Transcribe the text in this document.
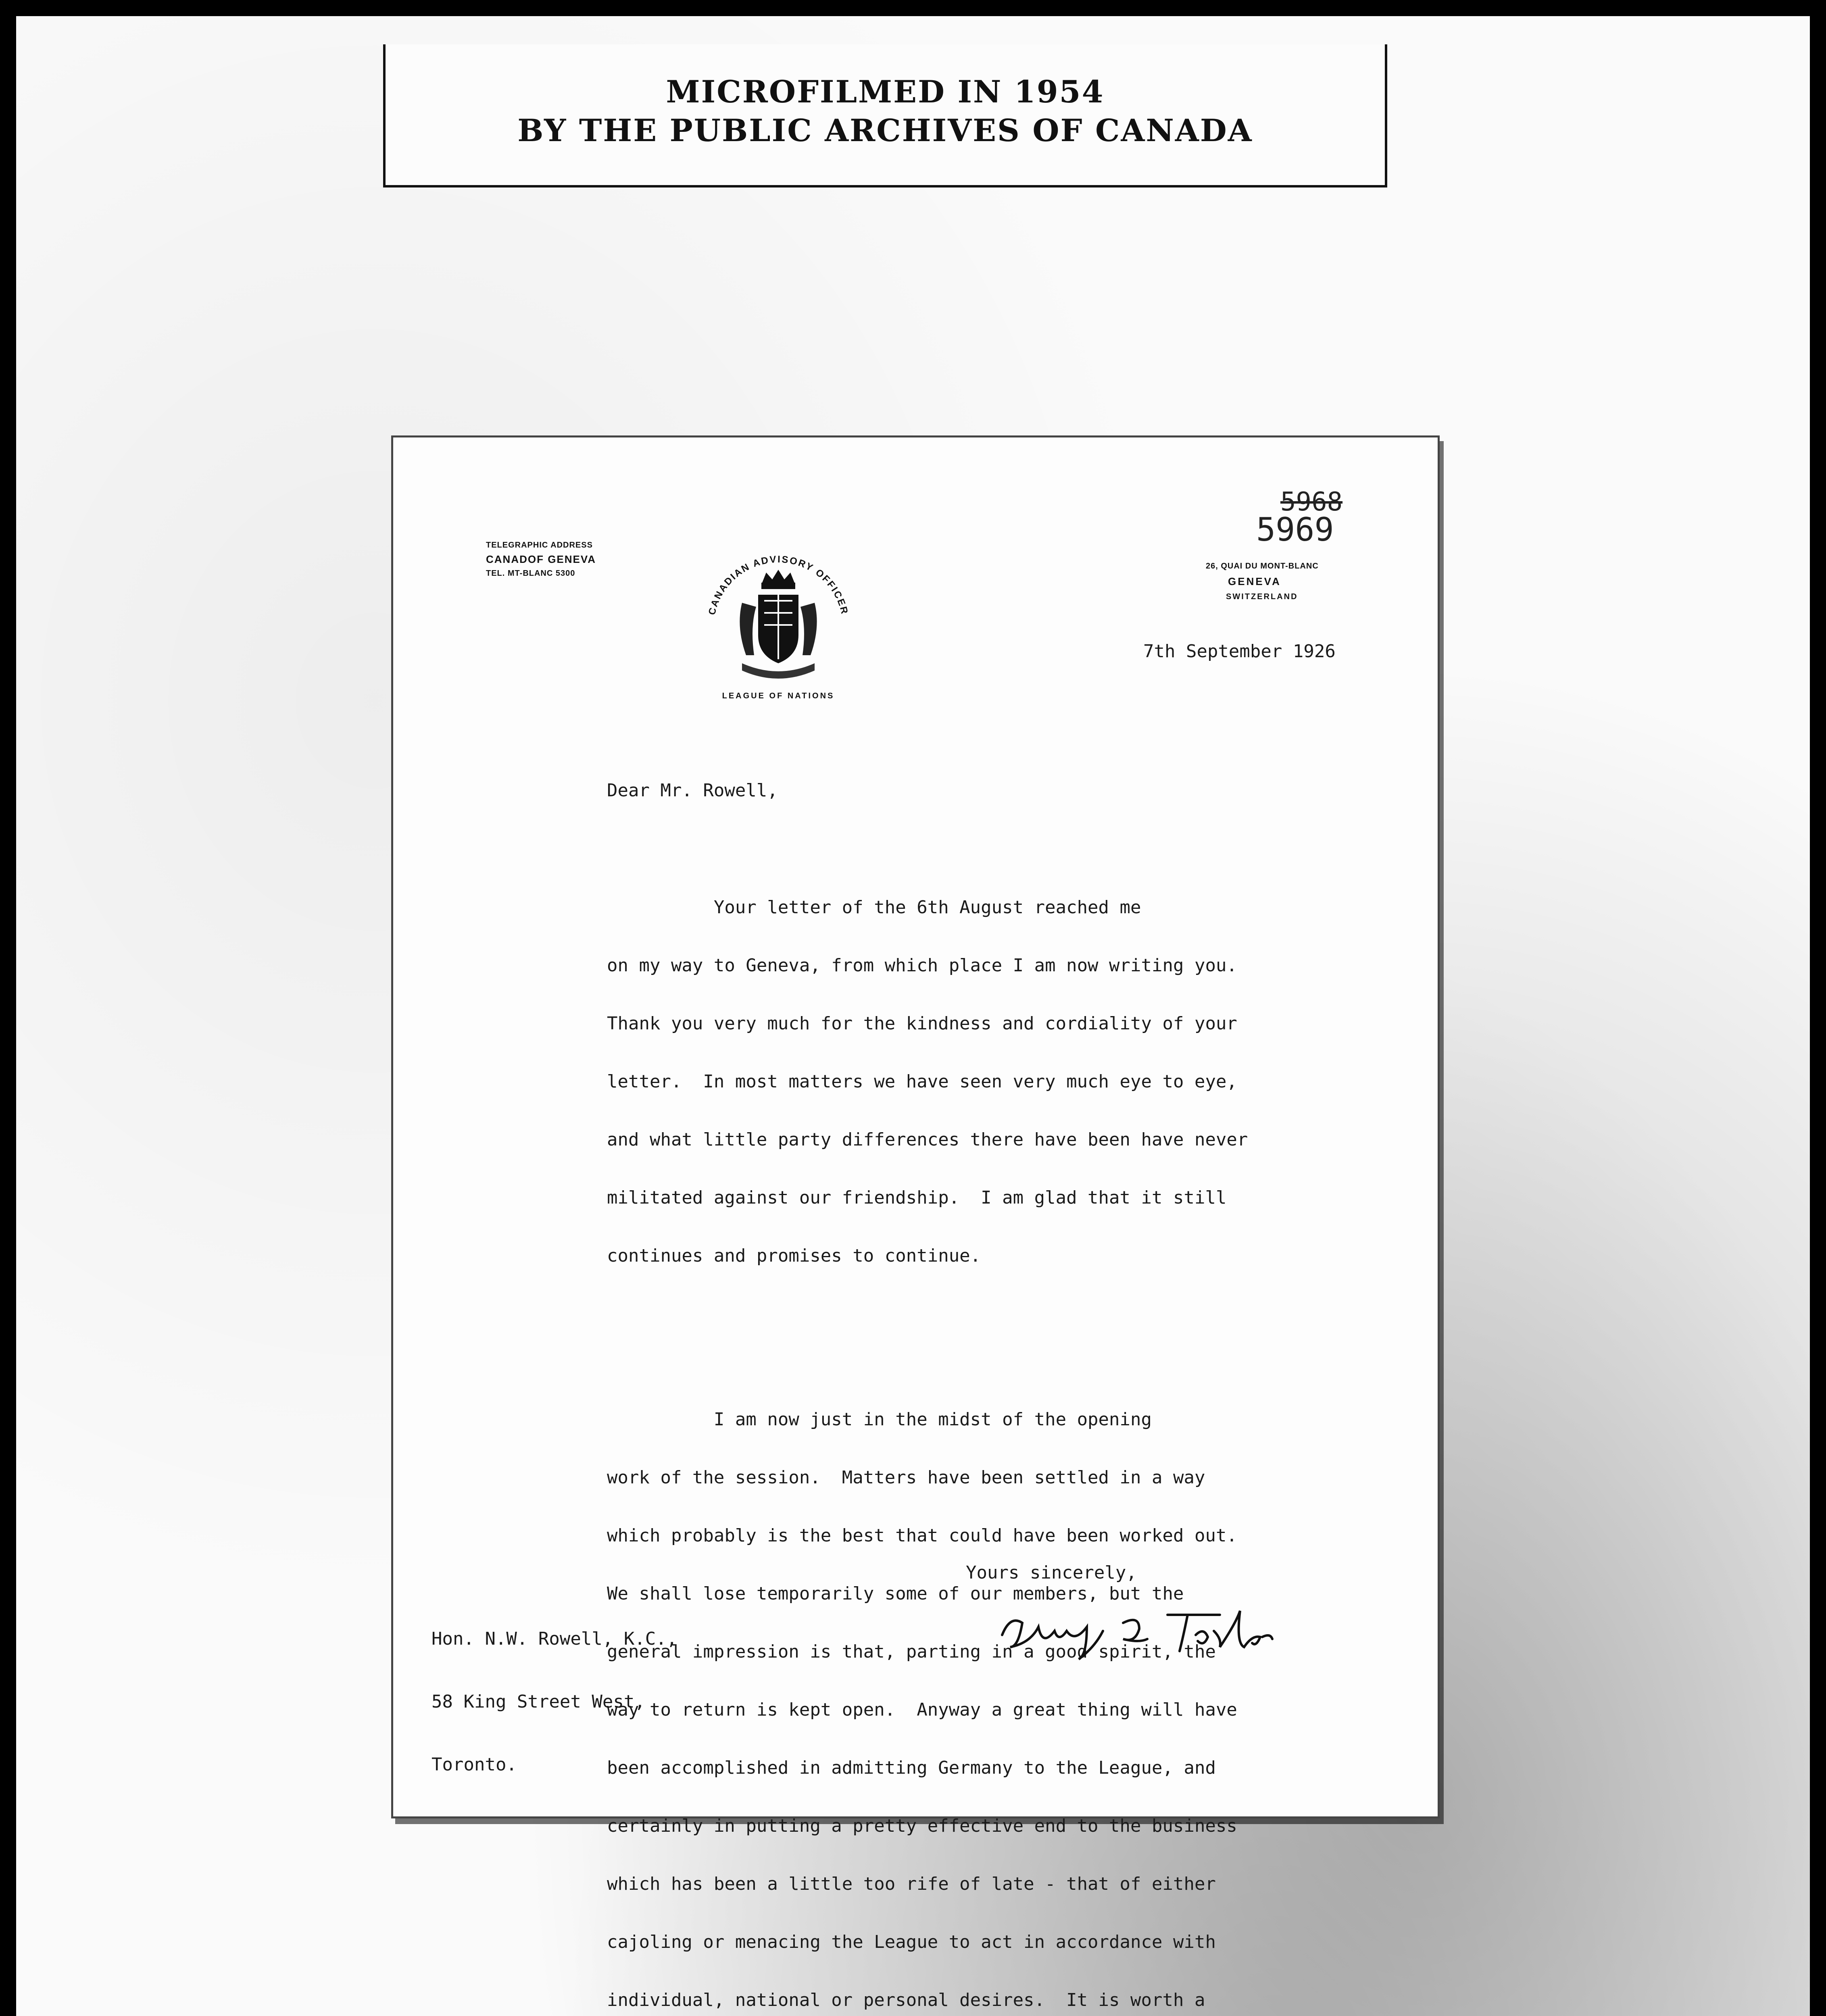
MICROFILMED IN 1954
BY THE PUBLIC ARCHIVES OF CANADA
TELEGRAPHIC ADDRESS
CANADOF GENEVA
TEL. MT-BLANC 5300
CANADIAN ADVISORY OFFICER
LEAGUE OF NATIONS
5968
5969
26, QUAI DU MONT-BLANC
GENEVA
SWITZERLAND
7th September 1926
Dear Mr. Rowell,

Your letter of the 6th August reached me

on my way to Geneva, from which place I am now writing you.

Thank you very much for the kindness and cordiality of your

letter.  In most matters we have seen very much eye to eye,

and what little party differences there have been have never

militated against our friendship.  I am glad that it still

continues and promises to continue.

I am now just in the midst of the opening

work of the session.  Matters have been settled in a way

which probably is the best that could have been worked out.

We shall lose temporarily some of our members, but the

general impression is that, parting in a good spirit, the

way to return is kept open.  Anyway a great thing will have

been accomplished in admitting Germany to the League, and

certainly in putting a pretty effective end to the business

which has been a little too rife of late - that of either

cajoling or menacing the League to act in accordance with

individual, national or personal desires.  It is worth a

Yours sincerely,

Hon. N.W. Rowell, K.C.,

58 King Street West,

Toronto.
